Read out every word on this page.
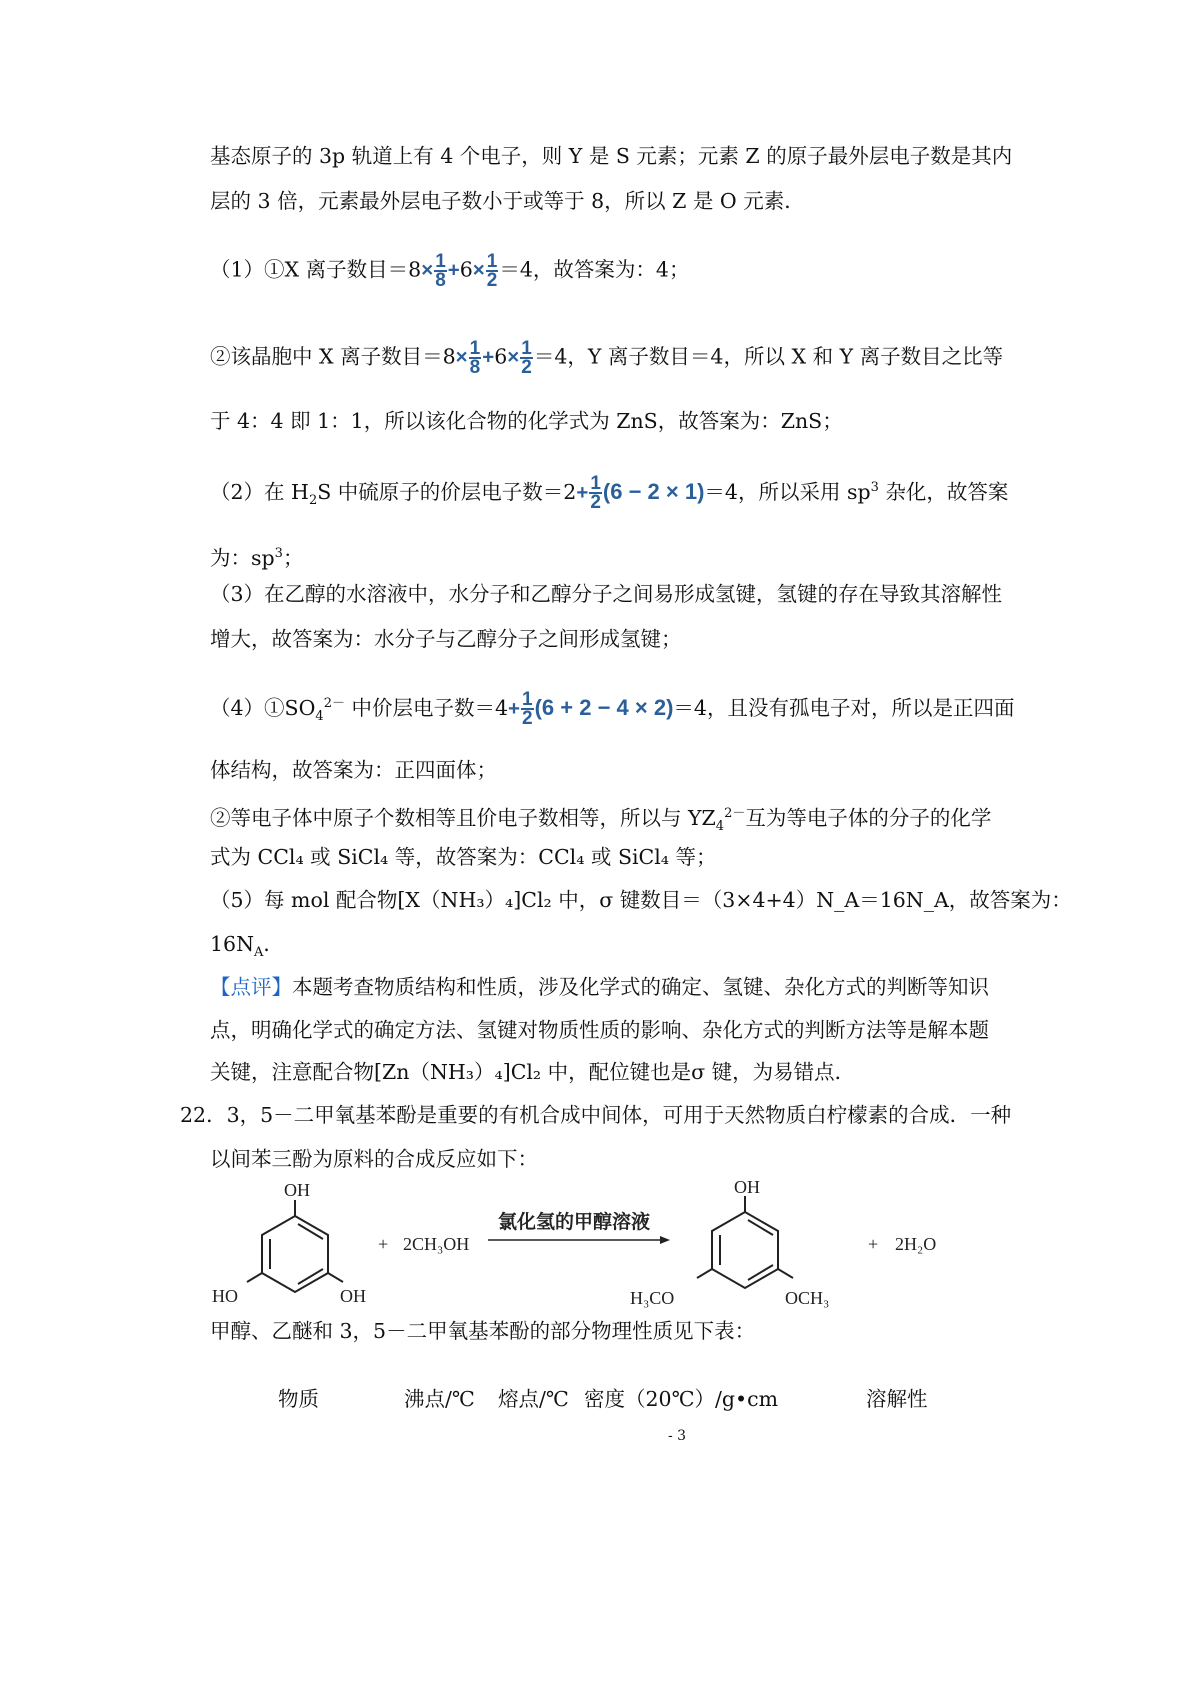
基态原子的 3p 轨道上有 4 个电子，则 Y 是 S 元素；元素 Z 的原子最外层电子数是其内
层的 3 倍，元素最外层电子数小于或等于 8，所以 Z 是 O 元素．
（1）①X 离子数目$=8\times \frac{1}{8} +6\times \frac{1}{2} =4$，故答案为：4；
②该晶胞中 X 离子数目$=8\times \frac{1}{8} +6\times \frac{1}{2} =4$，Y 离子数目＝4，所以 X 和 Y 离子数目之比等
于 4：4 即 1：1，所以该化合物的化学式为 ZnS，故答案为：ZnS；
（2）在 $H_2S$ 中硫原子的价层电子数$=2+ \frac{1}{2} (6 - 2 \times 1)=4$，所以采用 $sp^3$ 杂化，故答案
为：$sp^3$；
（3）在乙醇的水溶液中，水分子和乙醇分子之间易形成氢键，氢键的存在导致其溶解性
增大，故答案为：水分子与乙醇分子之间形成氢键；
$(4)①SO_4^{2-}$ 中价层电子数$=4+ \frac{1}{2} (6 + 2 - 4 \times 2)=4$，且没有孤电子对，所以是正四面
体结构，故答案为：正四面体；
②等电子体中原子个数相等且价电子数相等，所以与 $YZ_4^{2-}$互为等电子体的分子的化学
式为 CCl₄ 或 SiCl₄ 等，故答案为：CCl₄ 或 SiCl₄ 等；
（5）每 mol 配合物[X（NH₃）₄]Cl₂ 中，σ 键数目＝（3×4+4）N_A＝16N_A，故答案为：
$16N_A$．
【点评】本题考查物质结构和性质，涉及化学式的确定、氢键、杂化方式的判断等知识
点，明确化学式的确定方法、氢键对物质性质的影响、杂化方式的判断方法等是解本题
关键，注意配合物[Zn（NH₃）₄]Cl₂ 中，配位键也是σ 键，为易错点．
22．3，5－二甲氧基苯酚是重要的有机合成中间体，可用于天然物质白柠檬素的合成．一种
以间苯三酚为原料的合成反应如下：
OH
HO	OH
+ 2CH₃OH
氯化氢的甲醇溶液
OH
H₃CO	OCH₃
+ 2H₂O
甲醇、乙醚和 3，5－二甲氧基苯酚的部分物理性质见下表：
物质	沸点/℃ 熔点/℃ 密度（20℃）/g•cm	溶解性
- 3
